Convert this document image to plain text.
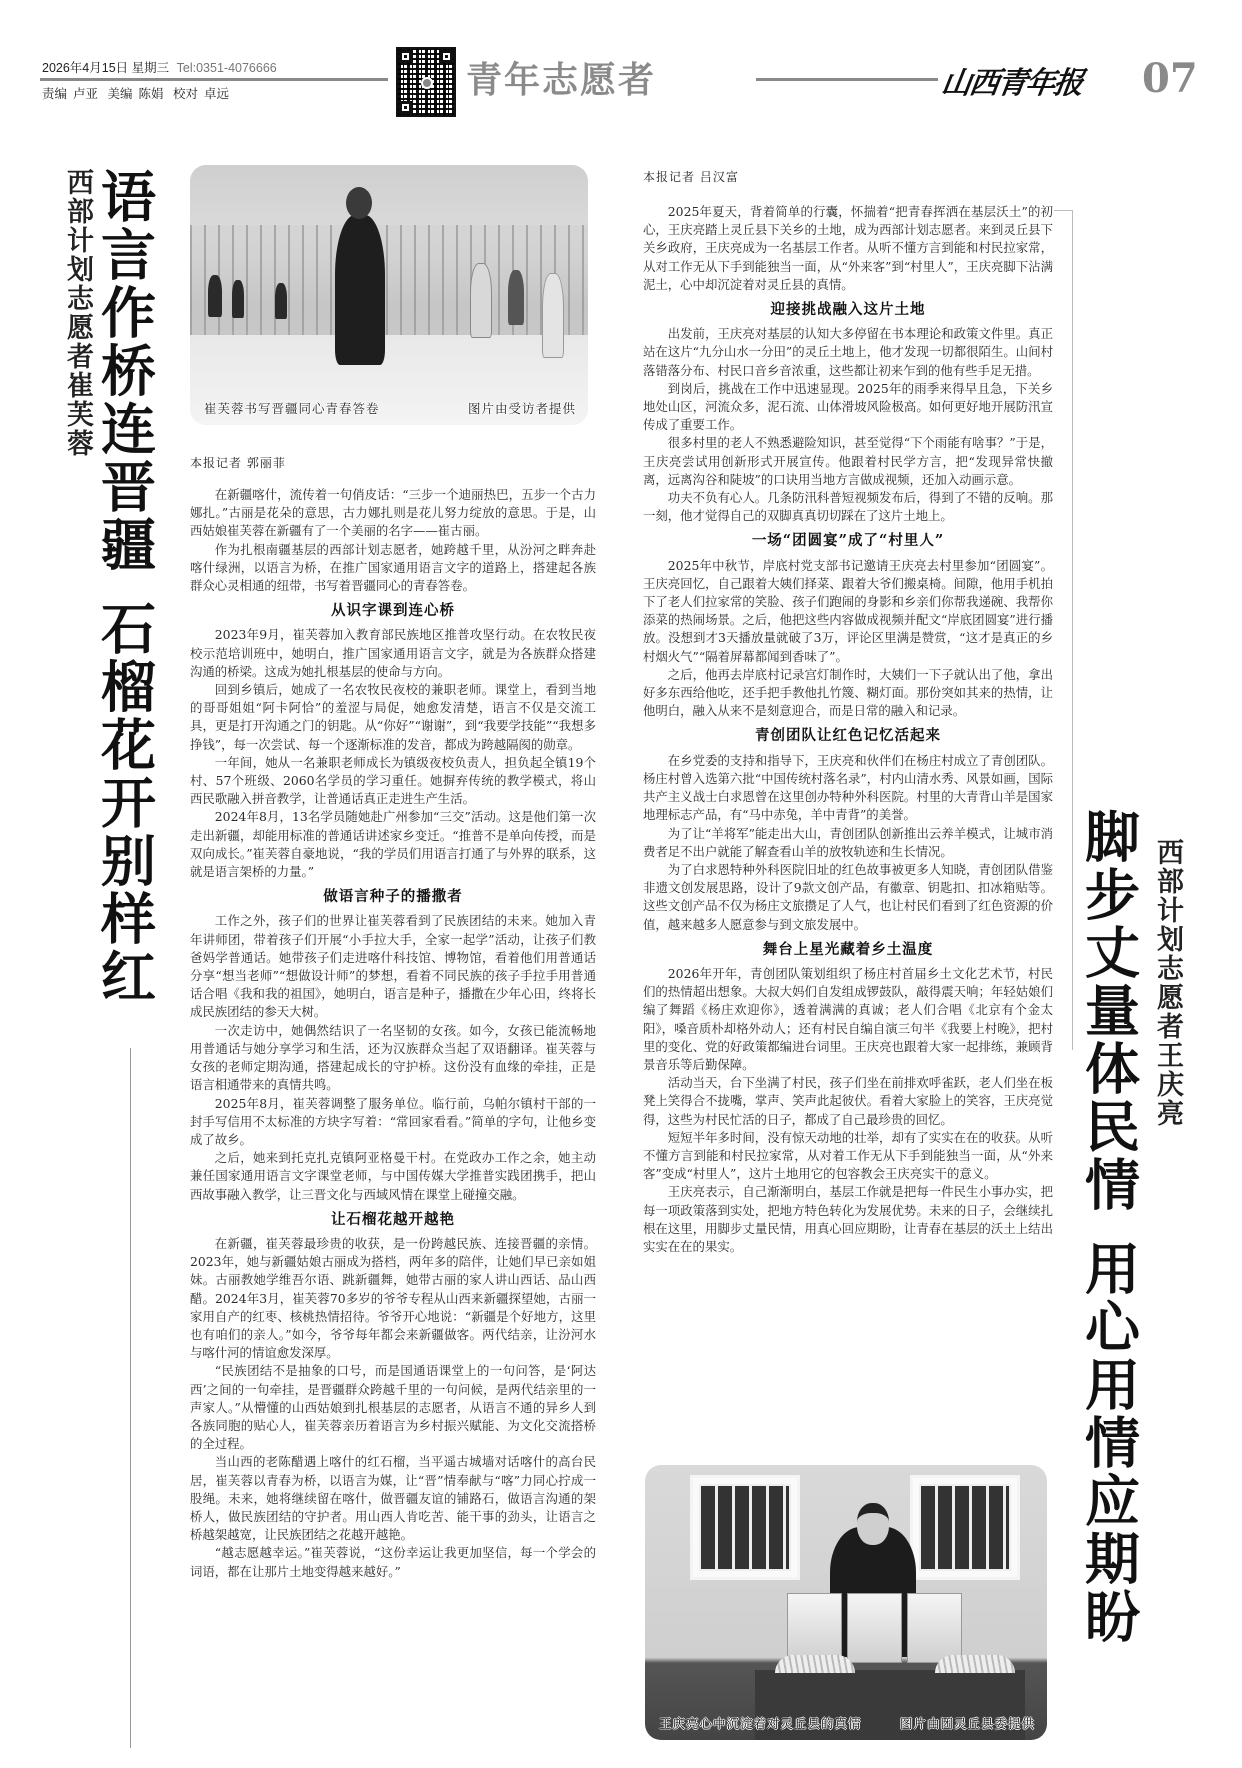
2026年4月15日 星期三 Tel:0351-4076666
责编 卢亚 美编 陈娟 校对 卓远	青年志愿者	山西青年报 07
西部计划志愿者崔芙蓉 语言作桥连晋疆石榴花开别样红
崔芙蓉书写晋疆同心青春答卷	图片由受访者提供
本报记者 郭丽菲

在新疆喀什，流传着一句俏皮话：“三步一个迪丽热巴，五步一个古力娜扎。”古丽是花朵的意思，古力娜扎则是花儿努力绽放的意思。于是，山西姑娘崔芙蓉在新疆有了一个美丽的名字——崔古丽。

作为扎根南疆基层的西部计划志愿者，她跨越千里，从汾河之畔奔赴喀什绿洲，以语言为桥，在推广国家通用语言文字的道路上，搭建起各族群众心灵相通的纽带，书写着晋疆同心的青春答卷。

从识字课到连心桥

2023年9月，崔芙蓉加入教育部民族地区推普攻坚行动。在农牧民夜校示范培训班中，她明白，推广国家通用语言文字，就是为各族群众搭建沟通的桥梁。这成为她扎根基层的使命与方向。

回到乡镇后，她成了一名农牧民夜校的兼职老师。课堂上，看到当地的哥哥姐姐“阿卡阿恰”的羞涩与局促，她愈发清楚，语言不仅是交流工具，更是打开沟通之门的钥匙。从“你好”“谢谢”，到“我要学技能”“我想多挣钱”，每一次尝试、每一个逐渐标准的发音，都成为跨越隔阂的勋章。

一年间，她从一名兼职老师成长为镇级夜校负责人，担负起全镇19个村、57个班级、2060名学员的学习重任。她摒弃传统的教学模式，将山西民歌融入拼音教学，让普通话真正走进生产生活。

2024年8月，13名学员随她赴广州参加“三交”活动。这是他们第一次走出新疆，却能用标准的普通话讲述家乡变迁。“推普不是单向传授，而是双向成长。”崔芙蓉自豪地说，“我的学员们用语言打通了与外界的联系，这就是语言架桥的力量。”

做语言种子的播撒者

工作之外，孩子们的世界让崔芙蓉看到了民族团结的未来。她加入青年讲师团，带着孩子们开展“小手拉大手，全家一起学”活动，让孩子们教爸妈学普通话。她带孩子们走进喀什科技馆、博物馆，看着他们用普通话分享“想当老师”“想做设计师”的梦想，看着不同民族的孩子手拉手用普通话合唱《我和我的祖国》，她明白，语言是种子，播撒在少年心田，终将长成民族团结的参天大树。

一次走访中，她偶然结识了一名坚韧的女孩。如今，女孩已能流畅地用普通话与她分享学习和生活，还为汉族群众当起了双语翻译。崔芙蓉与女孩的老师定期沟通，搭建起成长的守护桥。这份没有血缘的牵挂，正是语言相通带来的真情共鸣。

2025年8月，崔芙蓉调整了服务单位。临行前，乌帕尔镇村干部的一封手写信用不太标准的方块字写着：“常回家看看。”简单的字句，让他乡变成了故乡。

之后，她来到托克扎克镇阿亚格曼干村。在党政办工作之余，她主动兼任国家通用语言文字课堂老师，与中国传媒大学推普实践团携手，把山西故事融入教学，让三晋文化与西域风情在课堂上碰撞交融。

让石榴花越开越艳

在新疆，崔芙蓉最珍贵的收获，是一份跨越民族、连接晋疆的亲情。2023年，她与新疆姑娘古丽成为搭档，两年多的陪伴，让她们早已亲如姐妹。古丽教她学维吾尔语、跳新疆舞，她带古丽的家人讲山西话、品山西醋。2024年3月，崔芙蓉70多岁的爷爷专程从山西来新疆探望她，古丽一家用自产的红枣、核桃热情招待。爷爷开心地说：“新疆是个好地方，这里也有咱们的亲人。”如今，爷爷每年都会来新疆做客。两代结亲，让汾河水与喀什河的情谊愈发深厚。

“民族团结不是抽象的口号，而是国通语课堂上的一句问答，是‘阿达西’之间的一句牵挂，是晋疆群众跨越千里的一句问候，是两代结亲里的一声家人。”从懵懂的山西姑娘到扎根基层的志愿者，从语言不通的异乡人到各族同胞的贴心人，崔芙蓉亲历着语言为乡村振兴赋能、为文化交流搭桥的全过程。

当山西的老陈醋遇上喀什的红石榴，当平遥古城墙对话喀什的高台民居，崔芙蓉以青春为桥，以语言为媒，让“晋”情奉献与“喀”力同心拧成一股绳。未来，她将继续留在喀什，做晋疆友谊的铺路石，做语言沟通的架桥人，做民族团结的守护者。用山西人肯吃苦、能干事的劲头，让语言之桥越架越宽，让民族团结之花越开越艳。

“越志愿越幸运。”崔芙蓉说，“这份幸运让我更加坚信，每一个学会的词语，都在让那片土地变得越来越好。”

本报记者 吕汉富

2025年夏天，背着简单的行囊，怀揣着“把青春挥洒在基层沃土”的初心，王庆亮踏上灵丘县下关乡的土地，成为西部计划志愿者。来到灵丘县下关乡政府，王庆亮成为一名基层工作者。从听不懂方言到能和村民拉家常，从对工作无从下手到能独当一面，从“外来客”到“村里人”，王庆亮脚下沾满泥土，心中却沉淀着对灵丘县的真情。

迎接挑战融入这片土地

出发前，王庆亮对基层的认知大多停留在书本理论和政策文件里。真正站在这片“九分山水一分田”的灵丘土地上，他才发现一切都很陌生。山间村落错落分布、村民口音乡音浓重，这些都让初来乍到的他有些手足无措。

到岗后，挑战在工作中迅速显现。2025年的雨季来得早且急，下关乡地处山区，河流众多，泥石流、山体滑坡风险极高。如何更好地开展防汛宣传成了重要工作。

很多村里的老人不熟悉避险知识，甚至觉得“下个雨能有啥事？”于是，王庆亮尝试用创新形式开展宣传。他跟着村民学方言，把“发现异常快撤离，远离沟谷和陡坡”的口诀用当地方言做成视频，还加入动画示意。

功夫不负有心人。几条防汛科普短视频发布后，得到了不错的反响。那一刻，他才觉得自己的双脚真真切切踩在了这片土地上。

一场“团圆宴”成了“村里人”

2025年中秋节，岸底村党支部书记邀请王庆亮去村里参加“团圆宴”。王庆亮回忆，自己跟着大姨们择菜、跟着大爷们搬桌椅。间隙，他用手机拍下了老人们拉家常的笑脸、孩子们跑闹的身影和乡亲们你帮我递碗、我帮你添菜的热闹场景。之后，他把这些内容做成视频并配文“岸底团圆宴”进行播放。没想到才3天播放量就破了3万，评论区里满是赞赏，“这才是真正的乡村烟火气”“隔着屏幕都闻到香味了”。

之后，他再去岸底村记录宫灯制作时，大姨们一下子就认出了他，拿出好多东西给他吃，还手把手教他扎竹篾、糊灯面。那份突如其来的热情，让他明白，融入从来不是刻意迎合，而是日常的融入和记录。

青创团队让红色记忆活起来

在乡党委的支持和指导下，王庆亮和伙伴们在杨庄村成立了青创团队。杨庄村曾入选第六批“中国传统村落名录”，村内山清水秀、风景如画，国际共产主义战士白求恩曾在这里创办特种外科医院。村里的大青背山羊是国家地理标志产品，有“马中赤兔，羊中青背”的美誉。

为了让“羊将军”能走出大山，青创团队创新推出云养羊模式，让城市消费者足不出户就能了解查看山羊的放牧轨迹和生长情况。

为了白求恩特种外科医院旧址的红色故事被更多人知晓，青创团队借鉴非遗文创发展思路，设计了9款文创产品，有徽章、钥匙扣、扣冰箱贴等。这些文创产品不仅为杨庄文旅攒足了人气，也让村民们看到了红色资源的价值，越来越多人愿意参与到文旅发展中。

舞台上星光藏着乡土温度

2026年开年，青创团队策划组织了杨庄村首届乡土文化艺术节，村民们的热情超出想象。大叔大妈们自发组成锣鼓队，敲得震天响；年轻姑娘们编了舞蹈《杨庄欢迎你》，透着满满的真诚；老人们合唱《北京有个金太阳》，嗓音质朴却格外动人；还有村民自编自演三句半《我要上村晚》，把村里的变化、党的好政策都编进台词里。王庆亮也跟着大家一起排练，兼顾背景音乐等后勤保障。

活动当天，台下坐满了村民，孩子们坐在前排欢呼雀跃，老人们坐在板凳上笑得合不拢嘴，掌声、笑声此起彼伏。看着大家脸上的笑容，王庆亮觉得，这些为村民忙活的日子，都成了自己最珍贵的回忆。

短短半年多时间，没有惊天动地的壮举，却有了实实在在的收获。从听不懂方言到能和村民拉家常，从对着工作无从下手到能独当一面，从“外来客”变成“村里人”，这片土地用它的包容教会王庆亮实干的意义。

王庆亮表示，自己渐渐明白，基层工作就是把每一件民生小事办实，把每一项政策落到实处，把地方特色转化为发展优势。未来的日子，会继续扎根在这里，用脚步丈量民情，用真心回应期盼，让青春在基层的沃土上结出实实在在的果实。

王庆亮心中沉淀着对灵丘县的真情	图片由团灵丘县委提供
西部计划志愿者王庆亮
脚步丈量体民情用心用情应期盼
